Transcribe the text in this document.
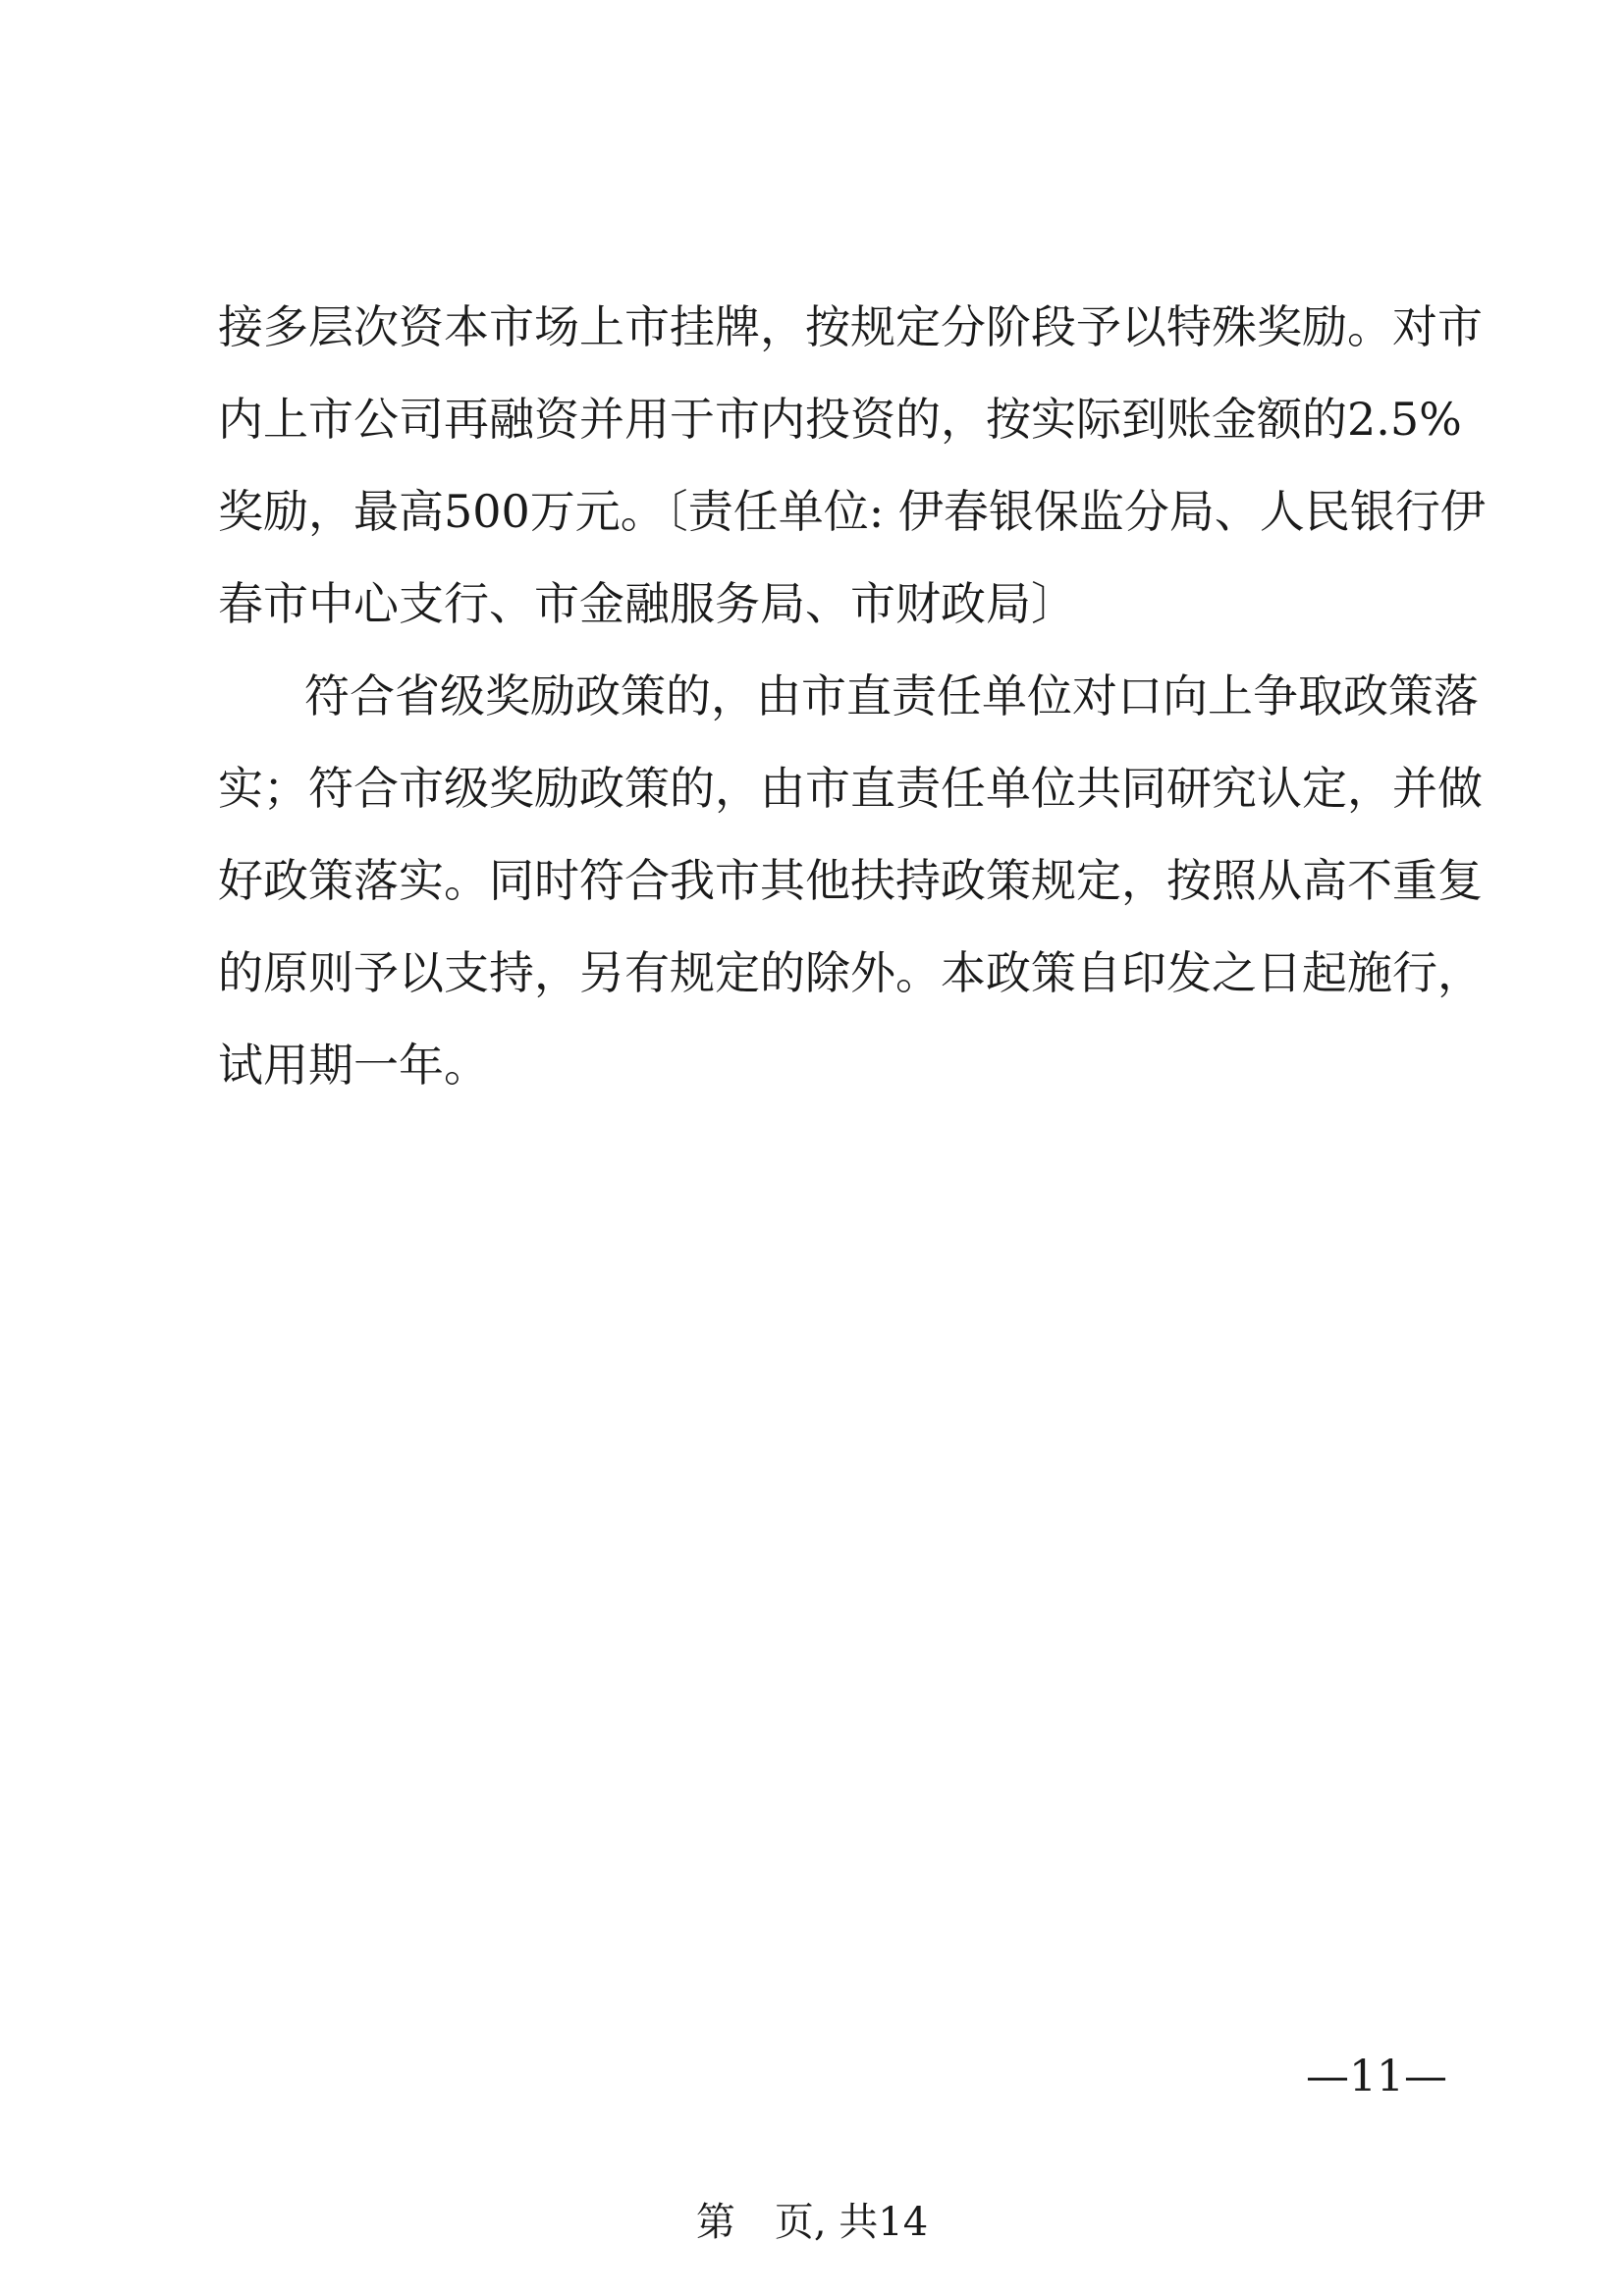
接多层次资本市场上市挂牌，按规定分阶段予以特殊奖励。对市
内上市公司再融资并用于市内投资的，按实际到账金额的2.5%
奖励，最高500万元。〔责任单位: 伊春银保监分局、人民银行伊
春市中心支行、市金融服务局、市财政局〕
符合省级奖励政策的，由市直责任单位对口向上争取政策落
实；符合市级奖励政策的，由市直责任单位共同研究认定，并做
好政策落实。同时符合我市其他扶持政策规定，按照从高不重复
的原则予以支持，另有规定的除外。本政策自印发之日起施行，
试用期一年。
—11—
第　页, 共14
